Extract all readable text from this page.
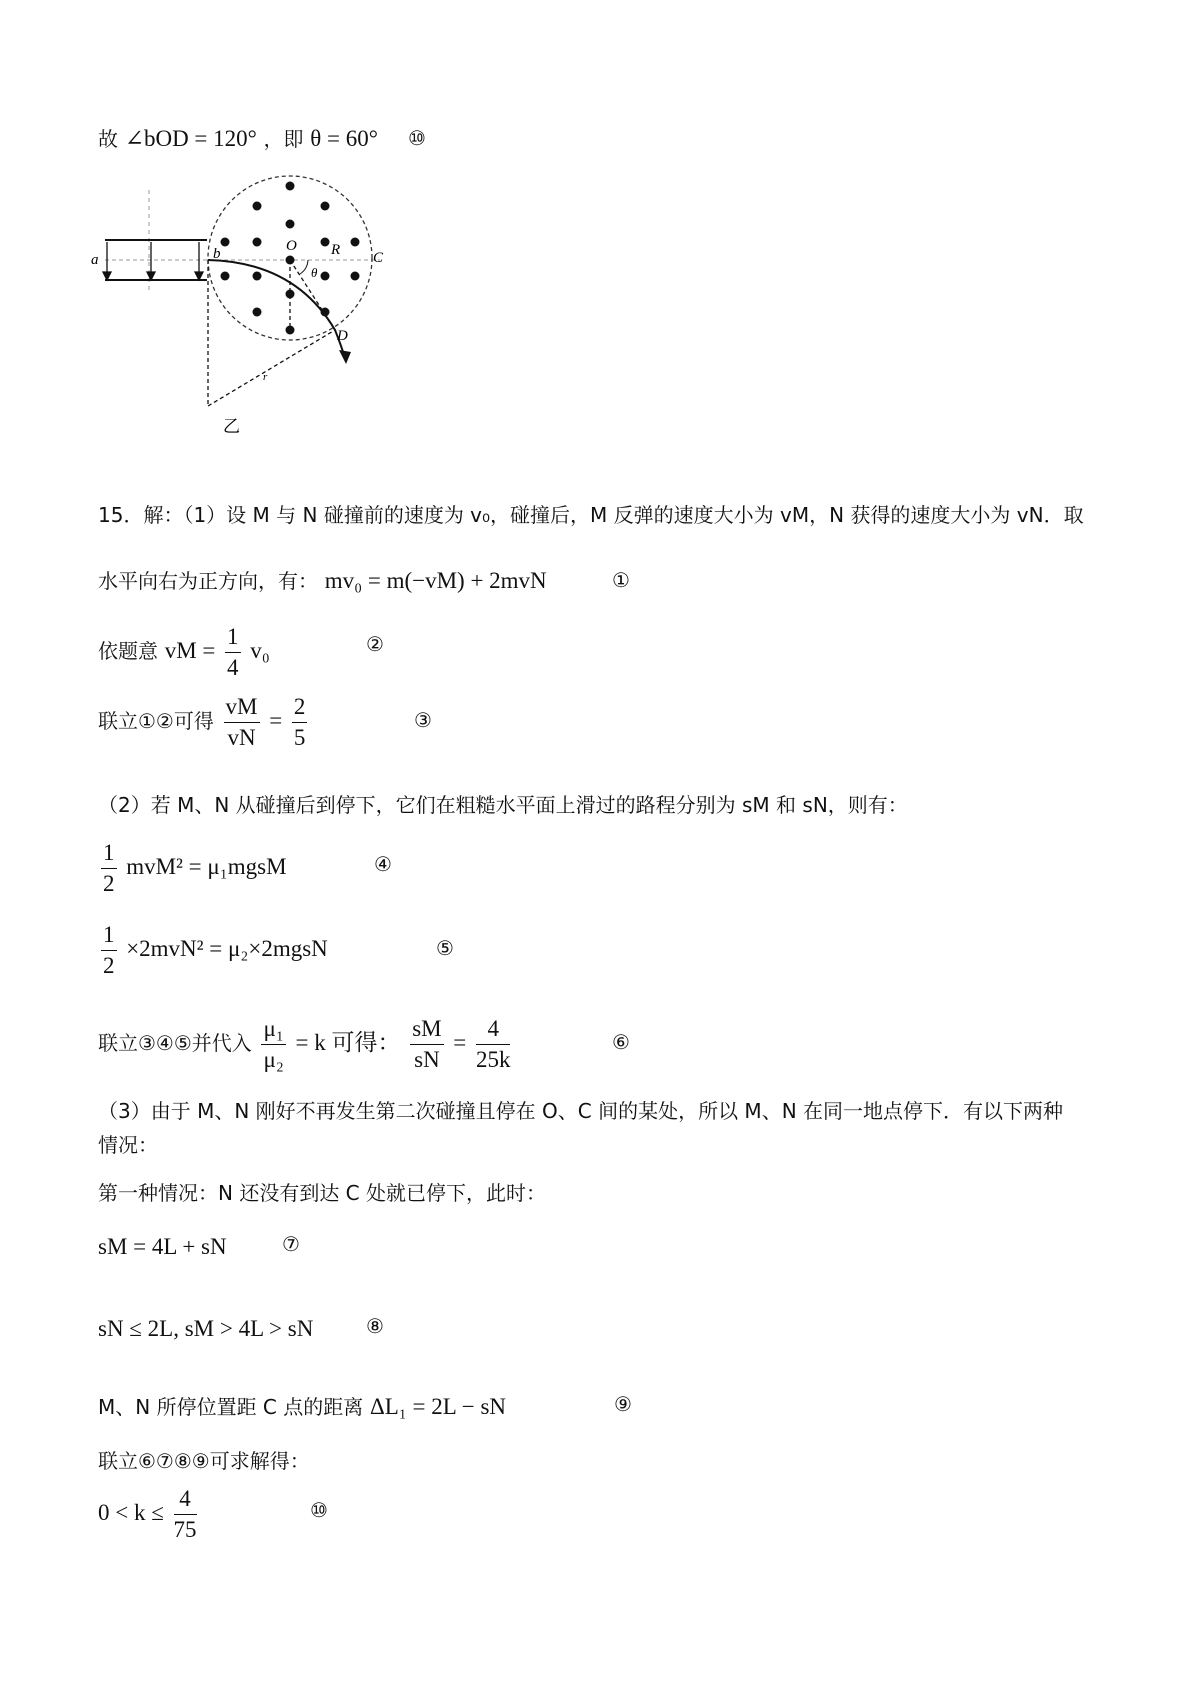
故 ∠bOD = 120° ，即 θ = 60° ⑩
a	b	O R C
θ
D
r
乙
15．解：（1）设 M 与 N 碰撞前的速度为 v₀，碰撞后，M 反弹的速度大小为 vM，N 获得的速度大小为 vN．取
水平向右为正方向，有： mv₀ = m(−vM) + 2mvN	①
依题意 vM = $\frac{1}{4} v_0$	②
联立①②可得 $\frac{vM}{vN} = \frac{2}{5}$	③
（2）若 M、N 从碰撞后到停下，它们在粗糙水平面上滑过的路程分别为 sM 和 sN，则有：
$\frac{1}{2} mvM^2$ = μ₁mgsM	④
$\frac{1}{2} \times 2mvN^2$ = μ₂×2mgsN	⑤
联立③④⑤并代入 $\frac{\text{μ₁}}{\text{μ₂}} = k$ 可得： $\frac{sM}{sN} = \frac{4}{25k}$	⑥
（3）由于 M、N 刚好不再发生第二次碰撞且停在 O、C 间的某处，所以 M、N 在同一地点停下．有以下两种
情况：
第一种情况：N 还没有到达 C 处就已停下，此时：
sM = 4L + sN	⑦
sN ≤ 2L, sM > 4L > sN	⑧
M、N 所停位置距 C 点的距离 ΔL₁ = 2L − sN	⑨
联立⑥⑦⑧⑨可求解得：
$0 < k \le \frac{4}{75}$	⑩
